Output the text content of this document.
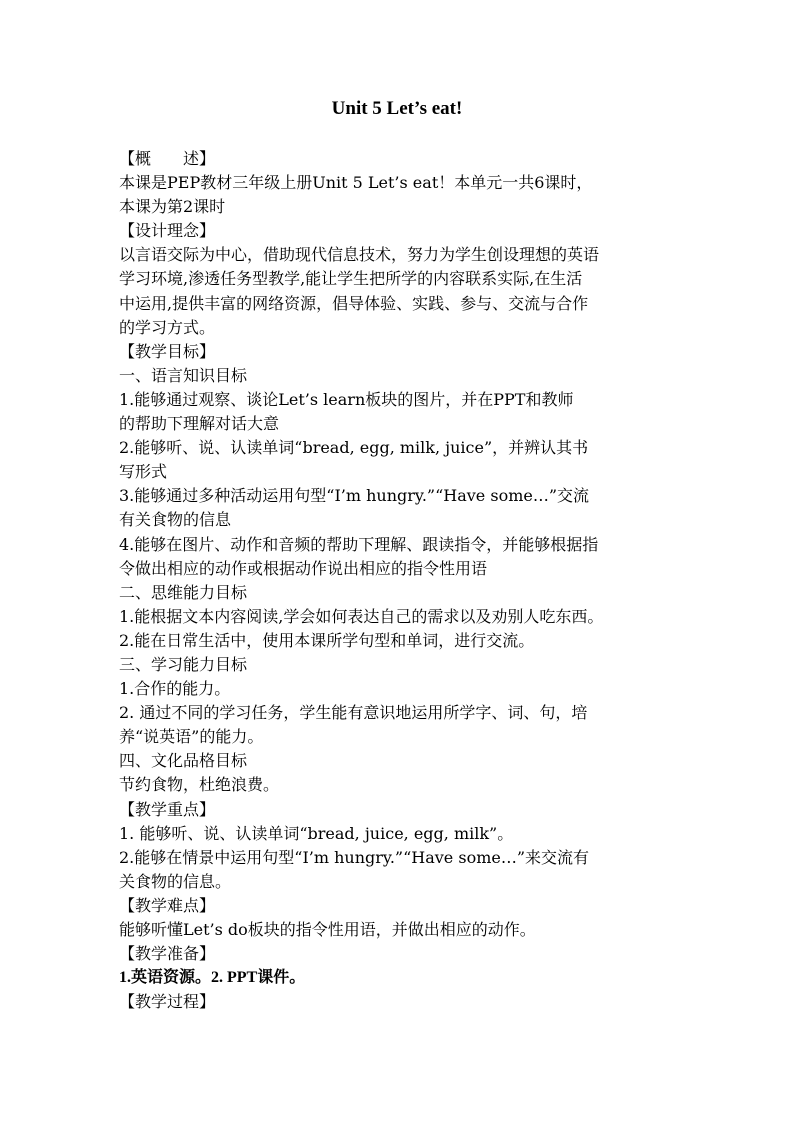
Unit 5 Let’s eat!
【概　　述】
本课是PEP教材三年级上册Unit 5 Let’s eat！本单元一共6课时，
本课为第2课时
【设计理念】
以言语交际为中心，借助现代信息技术，努力为学生创设理想的英语
学习环境,渗透任务型教学,能让学生把所学的内容联系实际,在生活
中运用,提供丰富的网络资源，倡导体验、实践、参与、交流与合作
的学习方式。
【教学目标】
一、语言知识目标
1.能够通过观察、谈论Let’s learn板块的图片，并在PPT和教师
的帮助下理解对话大意
2.能够听、说、认读单词“bread, egg, milk, juice”，并辨认其书
写形式
3.能够通过多种活动运用句型“I’m hungry.”“Have some…”交流
有关食物的信息
4.能够在图片、动作和音频的帮助下理解、跟读指令，并能够根据指
令做出相应的动作或根据动作说出相应的指令性用语
二、思维能力目标
1.能根据文本内容阅读,学会如何表达自己的需求以及劝别人吃东西。
2.能在日常生活中，使用本课所学句型和单词，进行交流。
三、学习能力目标
1.合作的能力。
2. 通过不同的学习任务，学生能有意识地运用所学字、词、句，培
养“说英语”的能力。
四、文化品格目标
节约食物，杜绝浪费。
【教学重点】
1. 能够听、说、认读单词“bread, juice, egg, milk”。
2.能够在情景中运用句型“I’m hungry.”“Have some…”来交流有
关食物的信息。
【教学难点】
能够听懂Let’s do板块的指令性用语，并做出相应的动作。
【教学准备】
1.英语资源。2. PPT课件。
【教学过程】
